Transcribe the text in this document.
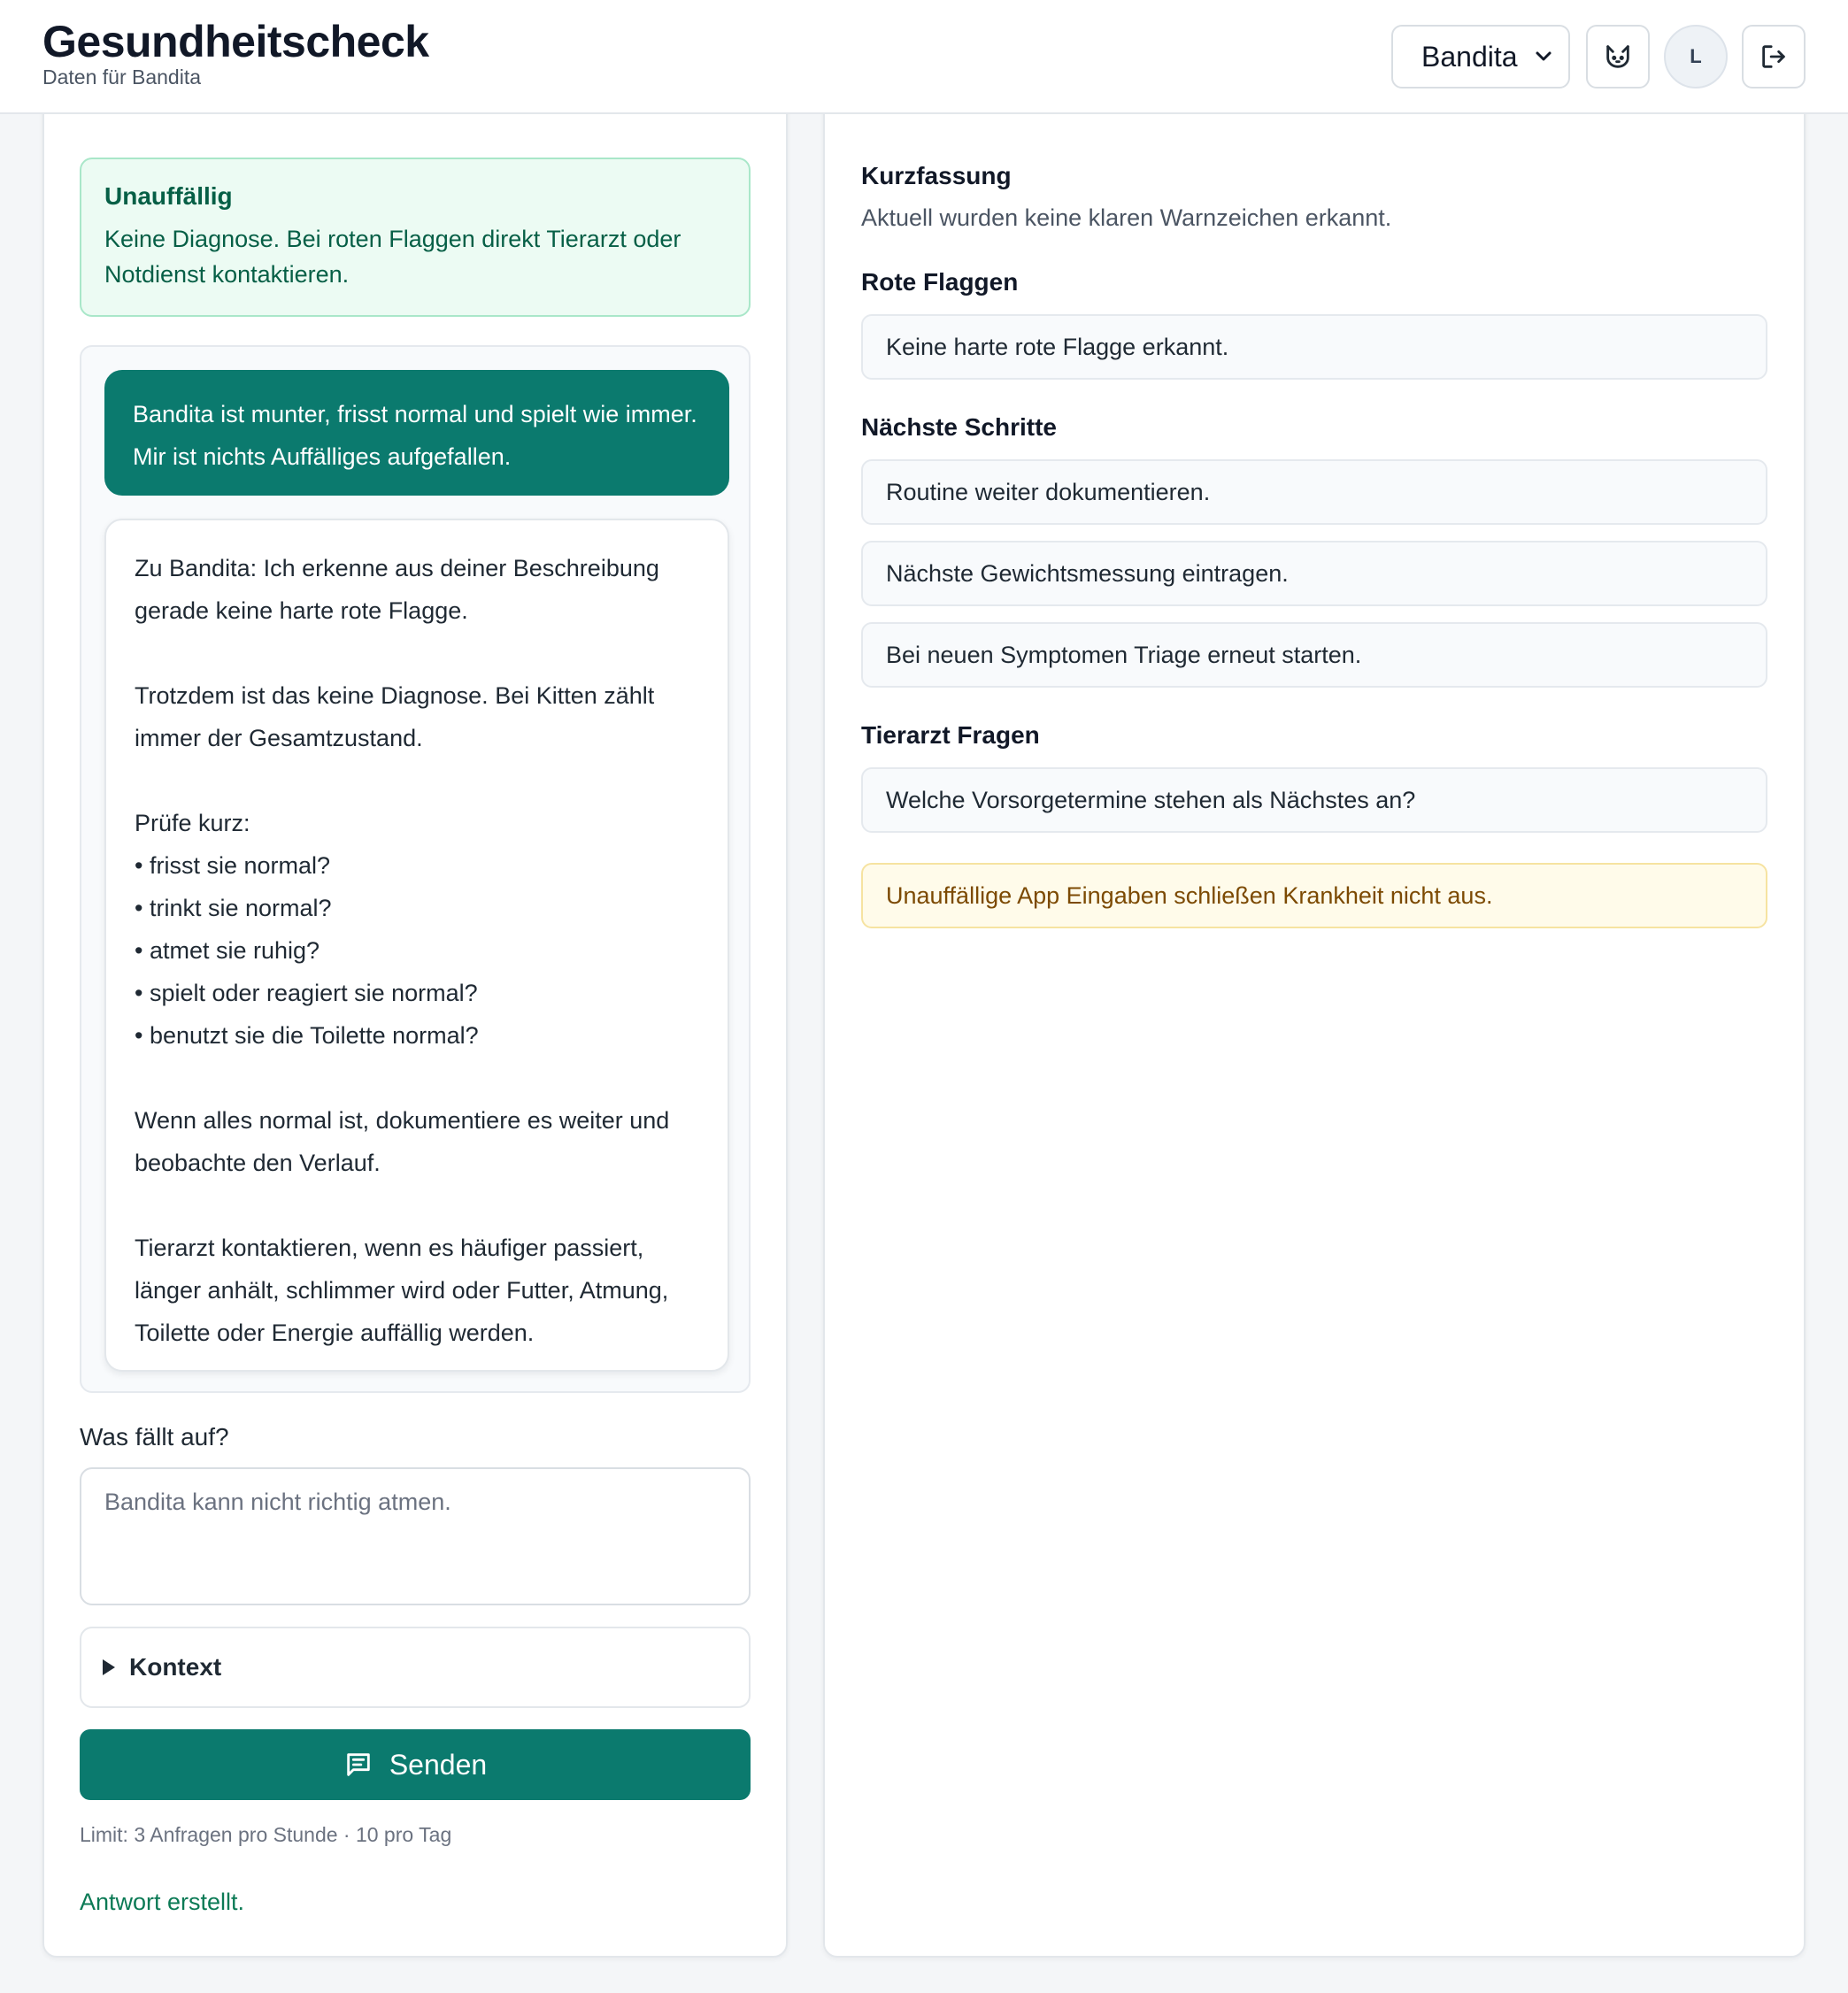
Gesundheitscheck
Daten für Bandita
Bandita	L
Unauffällig
Keine Diagnose. Bei roten Flaggen direkt Tierarzt oder Notdienst kontaktieren.
Bandita ist munter, frisst normal und spielt wie immer. Mir ist nichts Auffälliges aufgefallen.

Zu Bandita: Ich erkenne aus deiner Beschreibung gerade keine harte rote Flagge.

Trotzdem ist das keine Diagnose. Bei Kitten zählt immer der Gesamtzustand.

Prüfe kurz:

• frisst sie normal?

• trinkt sie normal?

• atmet sie ruhig?

• spielt oder reagiert sie normal?

• benutzt sie die Toilette normal?

Wenn alles normal ist, dokumentiere es weiter und beobachte den Verlauf.

Tierarzt kontaktieren, wenn es häufiger passiert, länger anhält, schlimmer wird oder Futter, Atmung, Toilette oder Energie auffällig werden.

Was fällt auf?
Bandita kann nicht richtig atmen.
Kontext
Senden
Limit: 3 Anfragen pro Stunde · 10 pro Tag
Antwort erstellt.
Kurzfassung
Aktuell wurden keine klaren Warnzeichen erkannt.
Rote Flaggen
Keine harte rote Flagge erkannt.
Nächste Schritte
Routine weiter dokumentieren.
Nächste Gewichtsmessung eintragen.
Bei neuen Symptomen Triage erneut starten.
Tierarzt Fragen
Welche Vorsorgetermine stehen als Nächstes an?
Unauffällige App Eingaben schließen Krankheit nicht aus.
